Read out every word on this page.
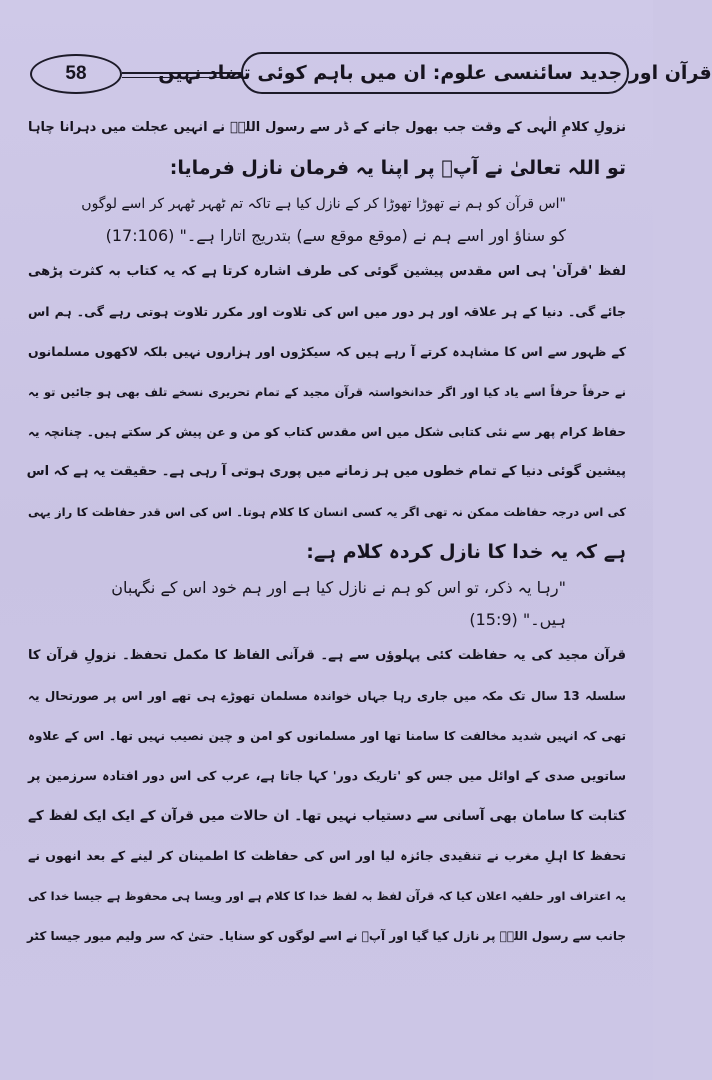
58	قرآن اور جدید سائنسی علوم: ان میں باہم کوئی تضاد نہیں
نزولِ کلامِ الٰہی کے وقت جب بھول جانے کے ڈر سے رسول اللہؐ نے انہیں عجلت میں دہرانا چاہا
تو اللہ تعالیٰ نے آپؐ پر اپنا یہ فرمان نازل فرمایا:
"اس قرآن کو ہم نے تھوڑا تھوڑا کر کے نازل کیا ہے تاکہ تم ٹھہر ٹھہر کر اسے لوگوں
کو سناؤ اور اسے ہم نے (موقع موقع سے) بتدریج اتارا ہے۔" (17:106)
لفظ 'قرآن' ہی اس مقدس پیشین گوئی کی طرف اشارہ کرتا ہے کہ یہ کتاب بہ کثرت پڑھی
جائے گی۔ دنیا کے ہر علاقہ اور ہر دور میں اس کی تلاوت اور مکرر تلاوت ہوتی رہے گی۔ ہم اس
کے ظہور سے اس کا مشاہدہ کرتے آ رہے ہیں کہ سیکڑوں اور ہزاروں نہیں بلکہ لاکھوں مسلمانوں
نے حرفاً حرفاً اسے یاد کیا اور اگر خدانخواستہ قرآن مجید کے تمام تحریری نسخے تلف بھی ہو جائیں تو یہ
حفاظ کرام پھر سے نئی کتابی شکل میں اس مقدس کتاب کو من و عن پیش کر سکتے ہیں۔ چنانچہ یہ
پیشین گوئی دنیا کے تمام خطوں میں ہر زمانے میں پوری ہوتی آ رہی ہے۔ حقیقت یہ ہے کہ اس
کی اس درجہ حفاظت ممکن نہ تھی اگر یہ کسی انسان کا کلام ہوتا۔ اس کی اس قدر حفاظت کا راز یہی
ہے کہ یہ خدا کا نازل کردہ کلام ہے:
"رہا یہ ذکر، تو اس کو ہم نے نازل کیا ہے اور ہم خود اس کے نگہبان
ہیں۔" (15:9)
قرآن مجید کی یہ حفاظت کئی پہلوؤں سے ہے۔ قرآنی الفاظ کا مکمل تحفظ۔ نزولِ قرآن کا
سلسلہ 13 سال تک مکہ میں جاری رہا جہاں خواندہ مسلمان تھوڑے ہی تھے اور اس پر صورتحال یہ
تھی کہ انہیں شدید مخالفت کا سامنا تھا اور مسلمانوں کو امن و چین نصیب نہیں تھا۔ اس کے علاوہ
ساتویں صدی کے اوائل میں جس کو 'تاریک دور' کہا جاتا ہے، عرب کی اس دور افتادہ سرزمین پر
کتابت کا سامان بھی آسانی سے دستیاب نہیں تھا۔ ان حالات میں قرآن کے ایک ایک لفظ کے
تحفظ کا اہلِ مغرب نے تنقیدی جائزہ لیا اور اس کی حفاظت کا اطمینان کر لینے کے بعد انھوں نے
یہ اعتراف اور حلفیہ اعلان کیا کہ قرآن لفظ بہ لفظ خدا کا کلام ہے اور ویسا ہی محفوظ ہے جیسا خدا کی
جانب سے رسول اللہؐ پر نازل کیا گیا اور آپؐ نے اسے لوگوں کو سنایا۔ حتیٰ کہ سر ولیم میور جیسا کٹر
